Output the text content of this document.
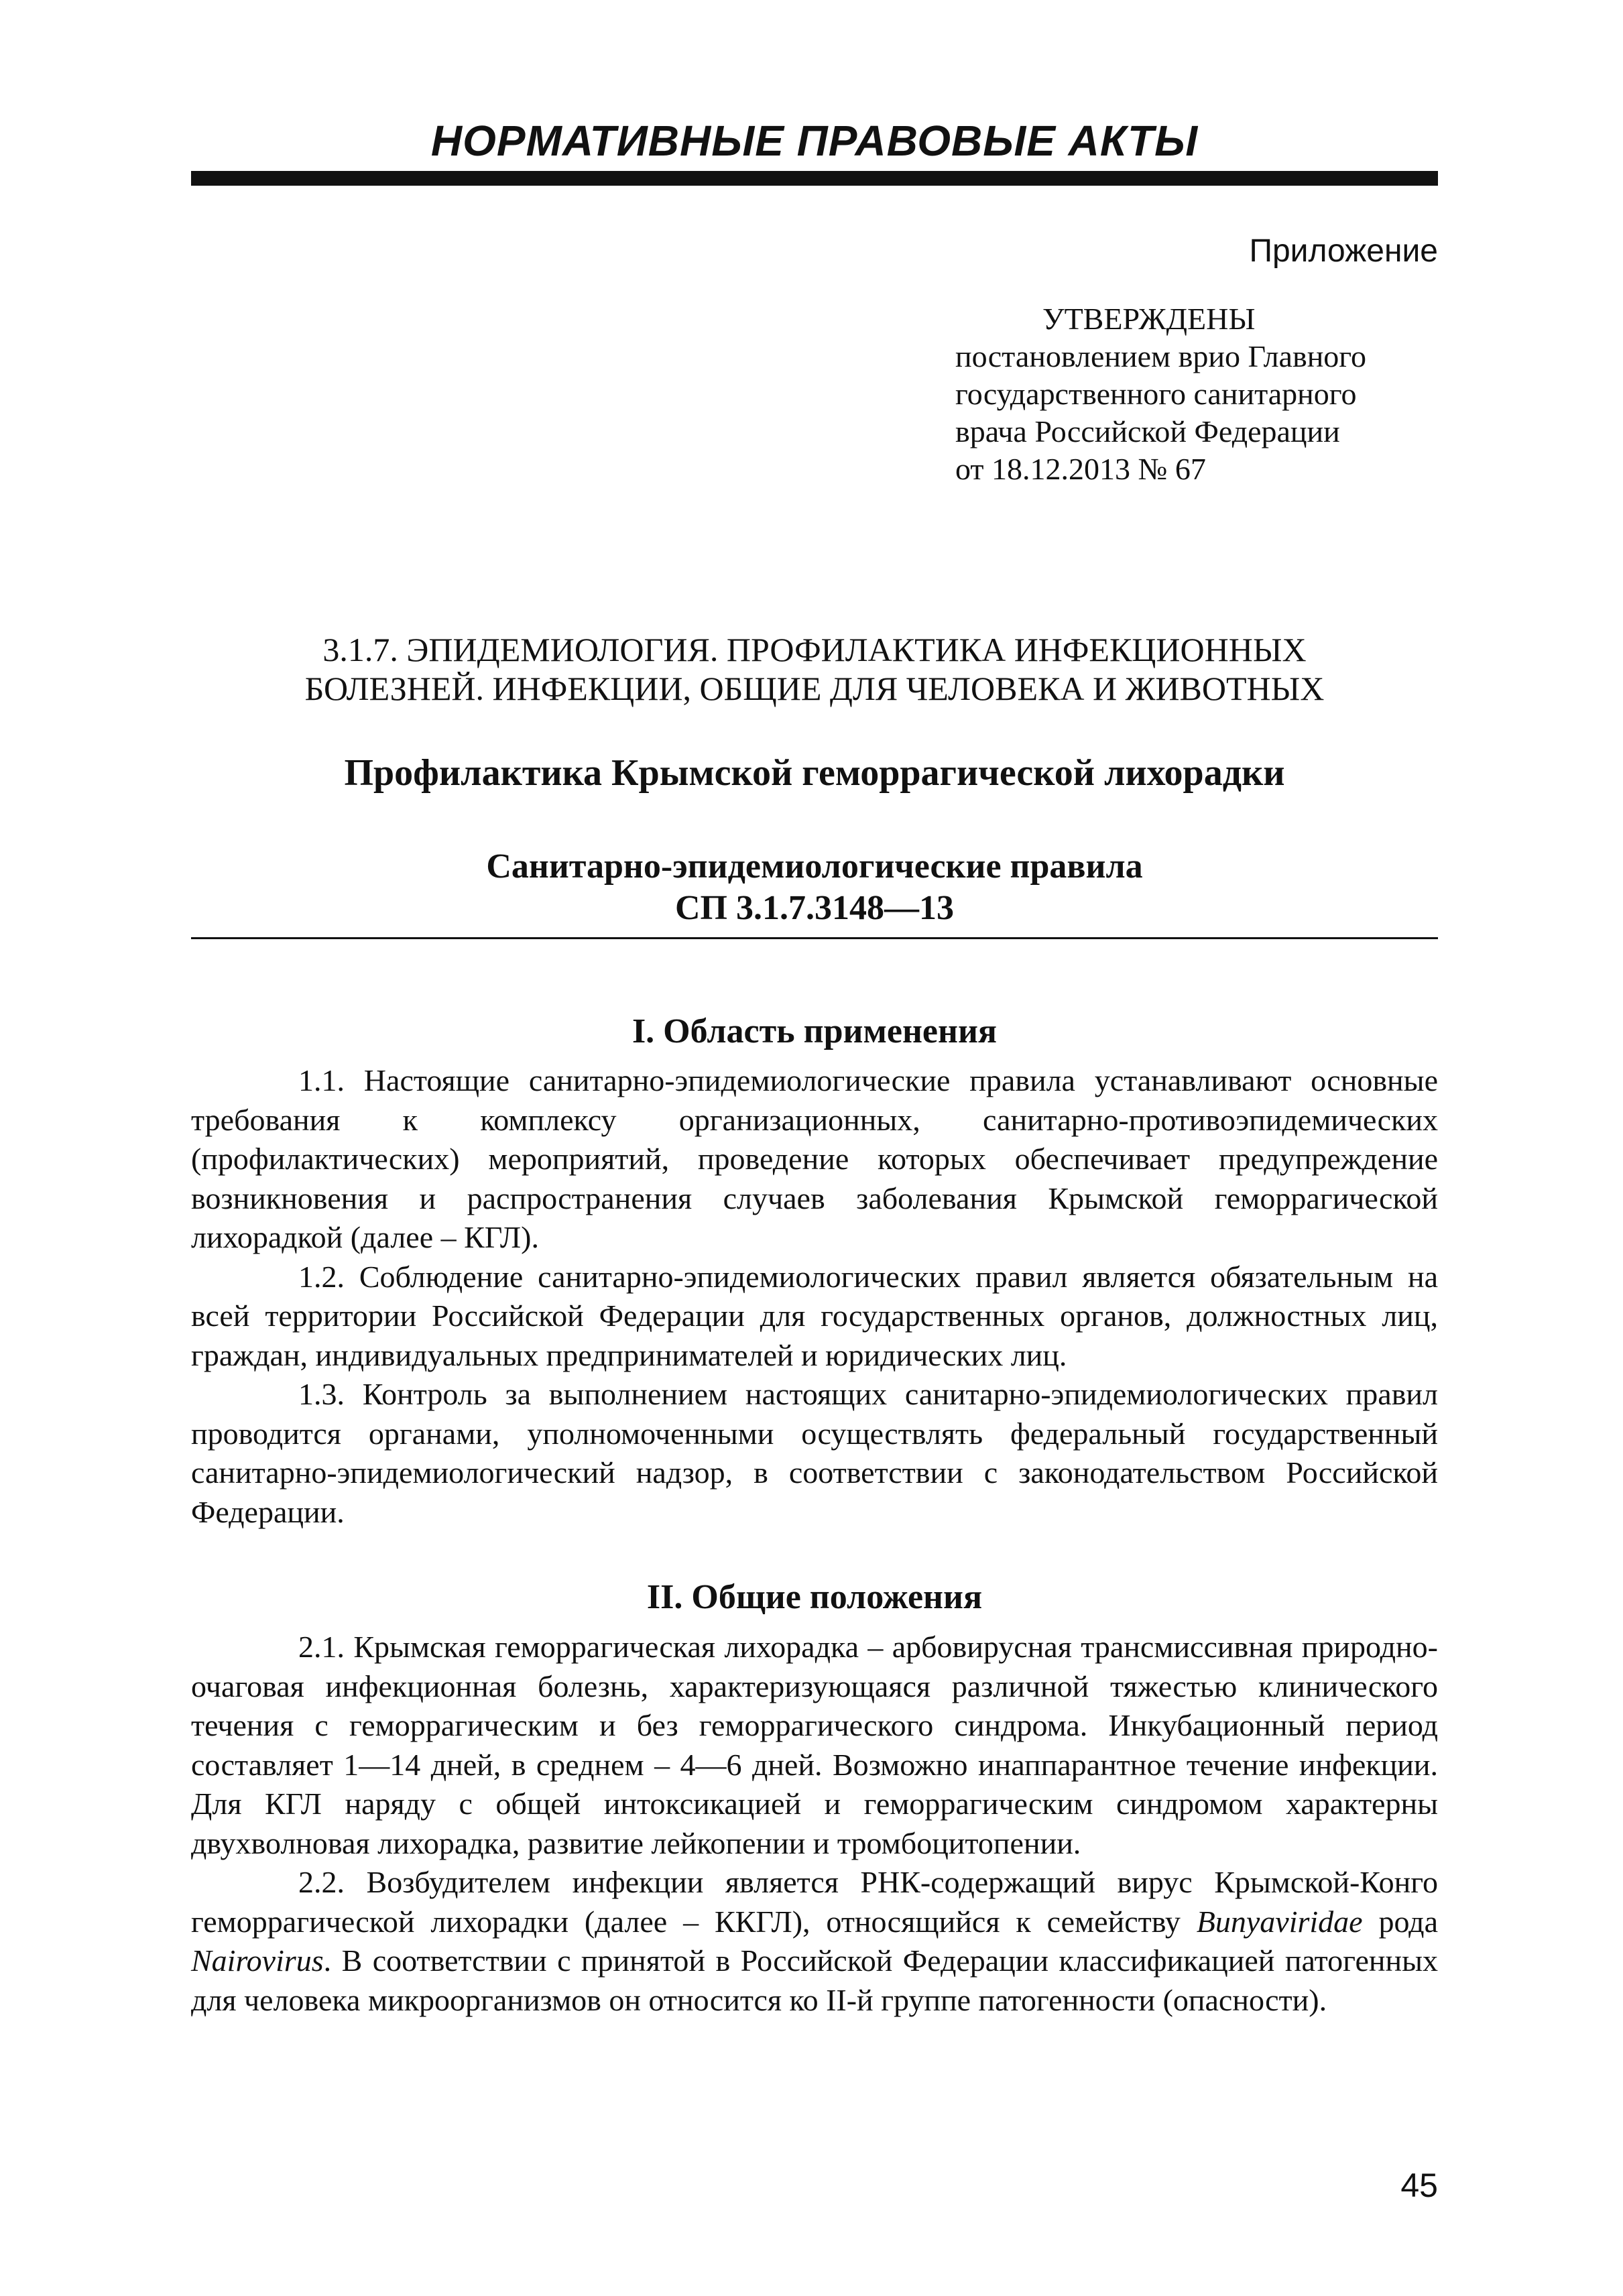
НОРМАТИВНЫЕ ПРАВОВЫЕ АКТЫ
Приложение
УТВЕРЖДЕНЫ
постановлением врио Главного
государственного санитарного
врача Российской Федерации
от 18.12.2013 № 67
3.1.7. ЭПИДЕМИОЛОГИЯ. ПРОФИЛАКТИКА ИНФЕКЦИОННЫХ
БОЛЕЗНЕЙ. ИНФЕКЦИИ, ОБЩИЕ ДЛЯ ЧЕЛОВЕКА И ЖИВОТНЫХ
Профилактика Крымской геморрагической лихорадки
Санитарно-эпидемиологические правила
СП 3.1.7.3148—13
I. Область применения

1.1. Настоящие санитарно-эпидемиологические правила устанавливают основные требования к комплексу организационных, санитарно-противоэпидемических (профилактических) мероприятий, проведение которых обеспечивает предупреждение возникновения и распространения случаев заболевания Крымской геморрагической лихорадкой (далее – КГЛ).

1.2. Соблюдение санитарно-эпидемиологических правил является обязательным на всей территории Российской Федерации для государственных органов, должностных лиц, граждан, индивидуальных предпринимателей и юридических лиц.

1.3. Контроль за выполнением настоящих санитарно-эпидемиологических правил проводится органами, уполномоченными осуществлять федеральный государственный санитарно-эпидемиологический надзор, в соответствии с законодательством Российской Федерации.

II. Общие положения

2.1. Крымская геморрагическая лихорадка – арбовирусная трансмиссивная природно-очаговая инфекционная болезнь, характеризующаяся различной тяжестью клинического течения с геморрагическим и без геморрагического синдрома. Инкубационный период составляет 1—14 дней, в среднем – 4—6 дней. Возможно инаппарантное течение инфекции. Для КГЛ наряду с общей интоксикацией и геморрагическим синдромом характерны двухволновая лихорадка, развитие лейкопении и тромбоцитопении.

2.2. Возбудителем инфекции является РНК-содержащий вирус Крымской-Конго геморрагической лихорадки (далее – ККГЛ), относящийся к семейству Bunyaviridae рода Nairovirus. В соответствии с принятой в Российской Федерации классификацией патогенных для человека микроорганизмов он относится ко II-й группе патогенности (опасности).

45
